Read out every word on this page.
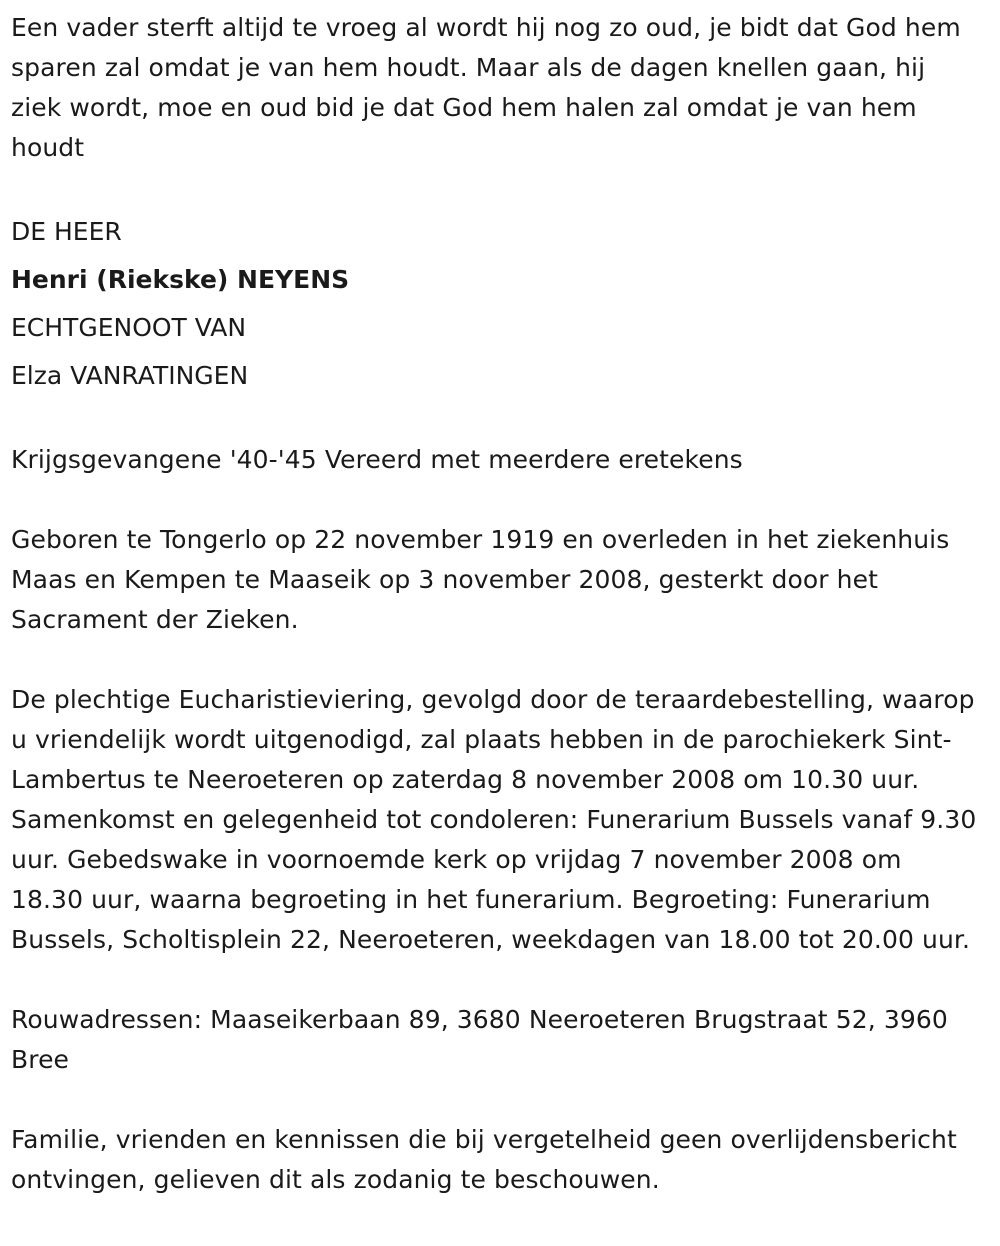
Een vader sterft altijd te vroeg al wordt hij nog zo oud, je bidt dat God hem sparen zal omdat je van hem houdt. Maar als de dagen knellen gaan, hij ziek wordt, moe en oud bid je dat God hem halen zal omdat je van hem houdt

DE HEER

Henri (Riekske) NEYENS

ECHTGENOOT VAN

Elza VANRATINGEN

Krijgsgevangene '40-'45 Vereerd met meerdere eretekens

Geboren te Tongerlo op 22 november 1919 en overleden in het ziekenhuis Maas en Kempen te Maaseik op 3 november 2008, gesterkt door het Sacrament der Zieken.

De plechtige Eucharistieviering, gevolgd door de teraardebestelling, waarop u vriendelijk wordt uitgenodigd, zal plaats hebben in de parochiekerk Sint-Lambertus te Neeroeteren op zaterdag 8 november 2008 om 10.30 uur. Samenkomst en gelegenheid tot condoleren: Funerarium Bussels vanaf 9.30 uur. Gebedswake in voornoemde kerk op vrijdag 7 november 2008 om 18.30 uur, waarna begroeting in het funerarium. Begroeting: Funerarium Bussels, Scholtisplein 22, Neeroeteren, weekdagen van 18.00 tot 20.00 uur.

Rouwadressen: Maaseikerbaan 89, 3680 Neeroeteren Brugstraat 52, 3960 Bree

Familie, vrienden en kennissen die bij vergetelheid geen overlijdensbericht ontvingen, gelieven dit als zodanig te beschouwen.
